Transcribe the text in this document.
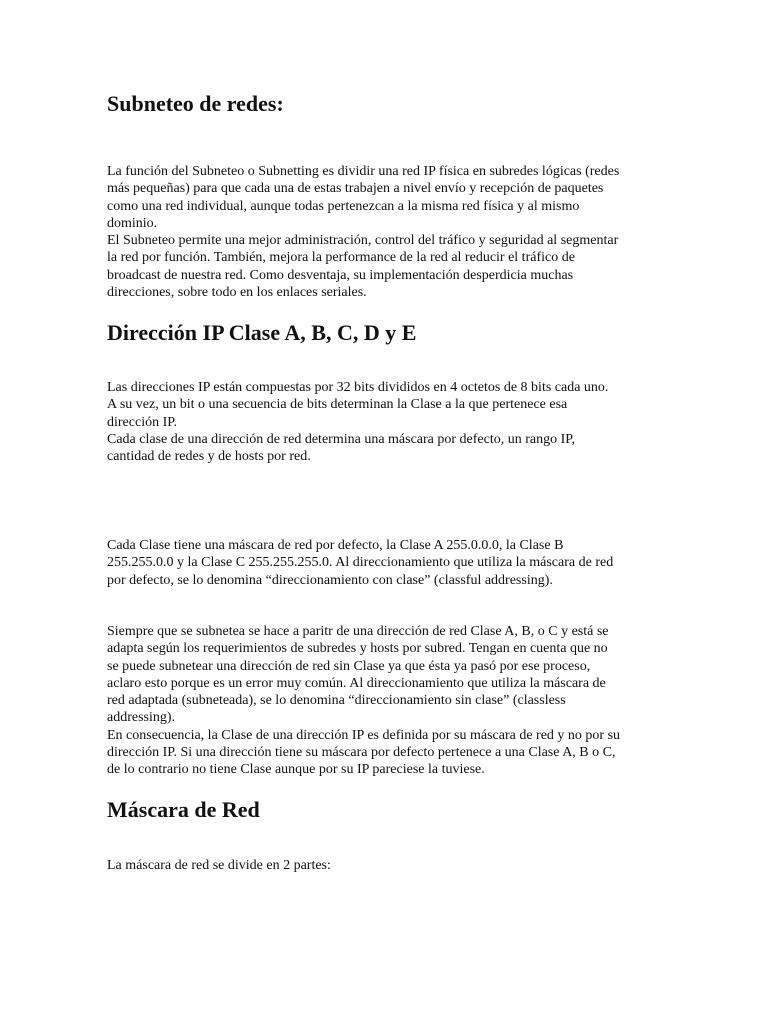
Subneteo de redes:

La función del Subneteo o Subnetting es dividir una red IP física en subredes lógicas (redes
más pequeñas) para que cada una de estas trabajen a nivel envío y recepción de paquetes
como una red individual, aunque todas pertenezcan a la misma red física y al mismo
dominio.
El Subneteo permite una mejor administración, control del tráfico y seguridad al segmentar
la red por función. También, mejora la performance de la red al reducir el tráfico de
broadcast de nuestra red. Como desventaja, su implementación desperdicia muchas
direcciones, sobre todo en los enlaces seriales.

Dirección IP Clase A, B, C, D y E

Las direcciones IP están compuestas por 32 bits divididos en 4 octetos de 8 bits cada uno.
A su vez, un bit o una secuencia de bits determinan la Clase a la que pertenece esa
dirección IP.
Cada clase de una dirección de red determina una máscara por defecto, un rango IP,
cantidad de redes y de hosts por red.

Cada Clase tiene una máscara de red por defecto, la Clase A 255.0.0.0, la Clase B
255.255.0.0 y la Clase C 255.255.255.0. Al direccionamiento que utiliza la máscara de red
por defecto, se lo denomina “direccionamiento con clase” (classful addressing).

Siempre que se subnetea se hace a paritr de una dirección de red Clase A, B, o C y está se
adapta según los requerimientos de subredes y hosts por subred. Tengan en cuenta que no
se puede subnetear una dirección de red sin Clase ya que ésta ya pasó por ese proceso,
aclaro esto porque es un error muy común. Al direccionamiento que utiliza la máscara de
red adaptada (subneteada), se lo denomina “direccionamiento sin clase” (classless
addressing).
En consecuencia, la Clase de una dirección IP es definida por su máscara de red y no por su
dirección IP. Si una dirección tiene su máscara por defecto pertenece a una Clase A, B o C,
de lo contrario no tiene Clase aunque por su IP pareciese la tuviese.

Máscara de Red

La máscara de red se divide en 2 partes:
